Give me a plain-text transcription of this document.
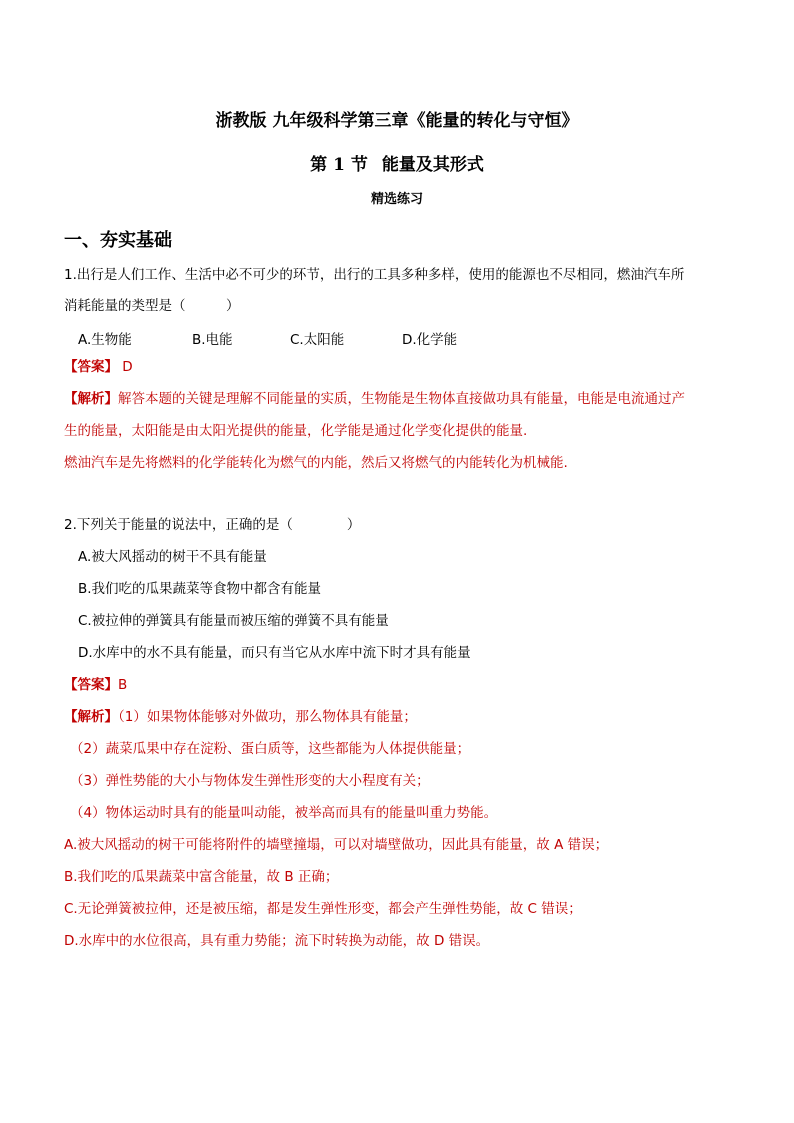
浙教版 九年级科学第三章《能量的转化与守恒》
第 1 节 能量及其形式
精选练习
一、夯实基础
1.出行是人们工作、生活中必不可少的环节，出行的工具多种多样，使用的能源也不尽相同，燃油汽车所
消耗能量的类型是（　　　）
A.生物能	B.电能	C.太阳能	D.化学能
【答案】 D
【解析】解答本题的关键是理解不同能量的实质，生物能是生物体直接做功具有能量，电能是电流通过产
生的能量，太阳能是由太阳光提供的能量，化学能是通过化学变化提供的能量.
燃油汽车是先将燃料的化学能转化为燃气的内能，然后又将燃气的内能转化为机械能.
2.下列关于能量的说法中，正确的是（　　　　）
A.被大风摇动的树干不具有能量
B.我们吃的瓜果蔬菜等食物中都含有能量
C.被拉伸的弹簧具有能量而被压缩的弹簧不具有能量
D.水库中的水不具有能量，而只有当它从水库中流下时才具有能量
【答案】B
【解析】（1）如果物体能够对外做功，那么物体具有能量；
（2）蔬菜瓜果中存在淀粉、蛋白质等，这些都能为人体提供能量；
（3）弹性势能的大小与物体发生弹性形变的大小程度有关；
（4）物体运动时具有的能量叫动能，被举高而具有的能量叫重力势能。
A.被大风摇动的树干可能将附件的墙壁撞塌，可以对墙壁做功，因此具有能量，故 A 错误；
B.我们吃的瓜果蔬菜中富含能量，故 B 正确；
C.无论弹簧被拉伸，还是被压缩，都是发生弹性形变，都会产生弹性势能，故 C 错误；
D.水库中的水位很高，具有重力势能；流下时转换为动能，故 D 错误。
